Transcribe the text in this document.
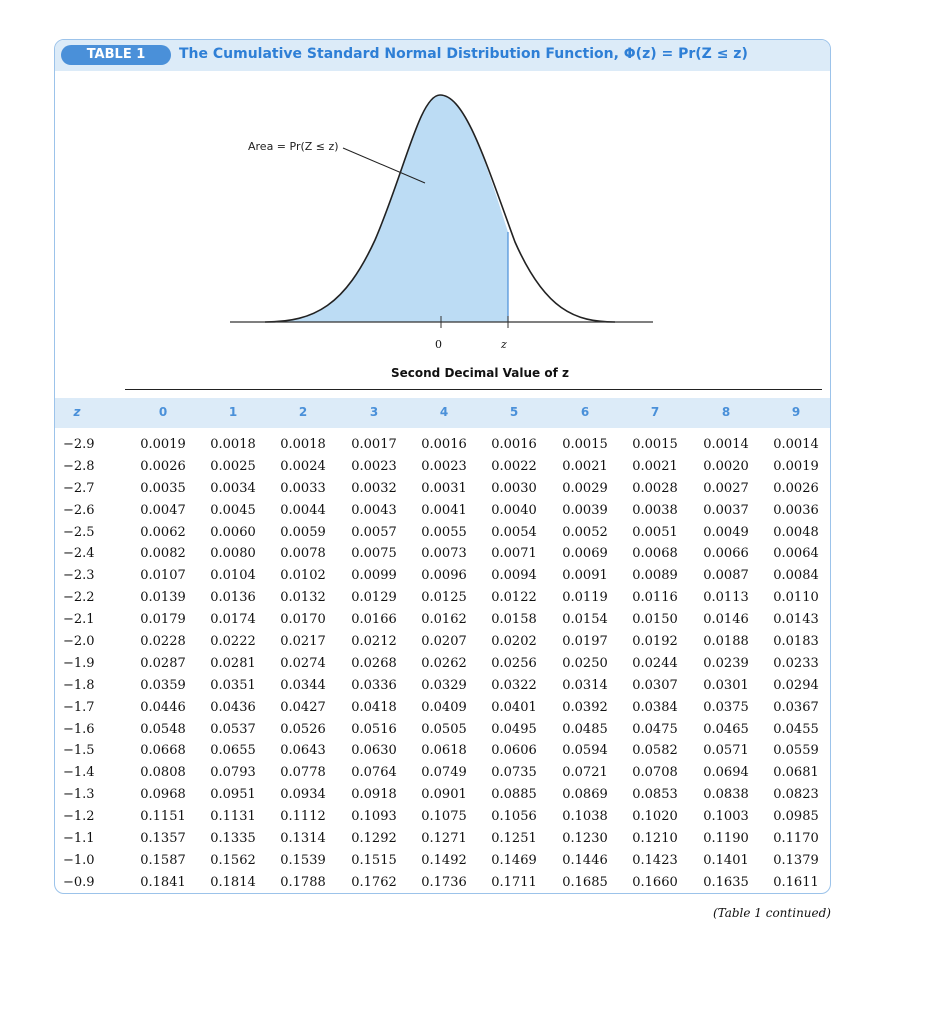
TABLE 1	The Cumulative Standard Normal Distribution Function, Φ(z) = Pr(Z ≤ z)
Area = Pr(Z ≤ z)
0	z
Second Decimal Value of z
z	0	1	2	3	4	5	6	7	8	9
−2.9	0.0019	0.0018	0.0018	0.0017	0.0016	0.0016	0.0015	0.0015	0.0014	0.0014
−2.8	0.0026	0.0025	0.0024	0.0023	0.0023	0.0022	0.0021	0.0021	0.0020	0.0019
−2.7	0.0035	0.0034	0.0033	0.0032	0.0031	0.0030	0.0029	0.0028	0.0027	0.0026
−2.6	0.0047	0.0045	0.0044	0.0043	0.0041	0.0040	0.0039	0.0038	0.0037	0.0036
−2.5	0.0062	0.0060	0.0059	0.0057	0.0055	0.0054	0.0052	0.0051	0.0049	0.0048
−2.4	0.0082	0.0080	0.0078	0.0075	0.0073	0.0071	0.0069	0.0068	0.0066	0.0064
−2.3	0.0107	0.0104	0.0102	0.0099	0.0096	0.0094	0.0091	0.0089	0.0087	0.0084
−2.2	0.0139	0.0136	0.0132	0.0129	0.0125	0.0122	0.0119	0.0116	0.0113	0.0110
−2.1	0.0179	0.0174	0.0170	0.0166	0.0162	0.0158	0.0154	0.0150	0.0146	0.0143
−2.0	0.0228	0.0222	0.0217	0.0212	0.0207	0.0202	0.0197	0.0192	0.0188	0.0183
−1.9	0.0287	0.0281	0.0274	0.0268	0.0262	0.0256	0.0250	0.0244	0.0239	0.0233
−1.8	0.0359	0.0351	0.0344	0.0336	0.0329	0.0322	0.0314	0.0307	0.0301	0.0294
−1.7	0.0446	0.0436	0.0427	0.0418	0.0409	0.0401	0.0392	0.0384	0.0375	0.0367
−1.6	0.0548	0.0537	0.0526	0.0516	0.0505	0.0495	0.0485	0.0475	0.0465	0.0455
−1.5	0.0668	0.0655	0.0643	0.0630	0.0618	0.0606	0.0594	0.0582	0.0571	0.0559
−1.4	0.0808	0.0793	0.0778	0.0764	0.0749	0.0735	0.0721	0.0708	0.0694	0.0681
−1.3	0.0968	0.0951	0.0934	0.0918	0.0901	0.0885	0.0869	0.0853	0.0838	0.0823
−1.2	0.1151	0.1131	0.1112	0.1093	0.1075	0.1056	0.1038	0.1020	0.1003	0.0985
−1.1	0.1357	0.1335	0.1314	0.1292	0.1271	0.1251	0.1230	0.1210	0.1190	0.1170
−1.0	0.1587	0.1562	0.1539	0.1515	0.1492	0.1469	0.1446	0.1423	0.1401	0.1379
−0.9	0.1841	0.1814	0.1788	0.1762	0.1736	0.1711	0.1685	0.1660	0.1635	0.1611
(Table 1 continued)
